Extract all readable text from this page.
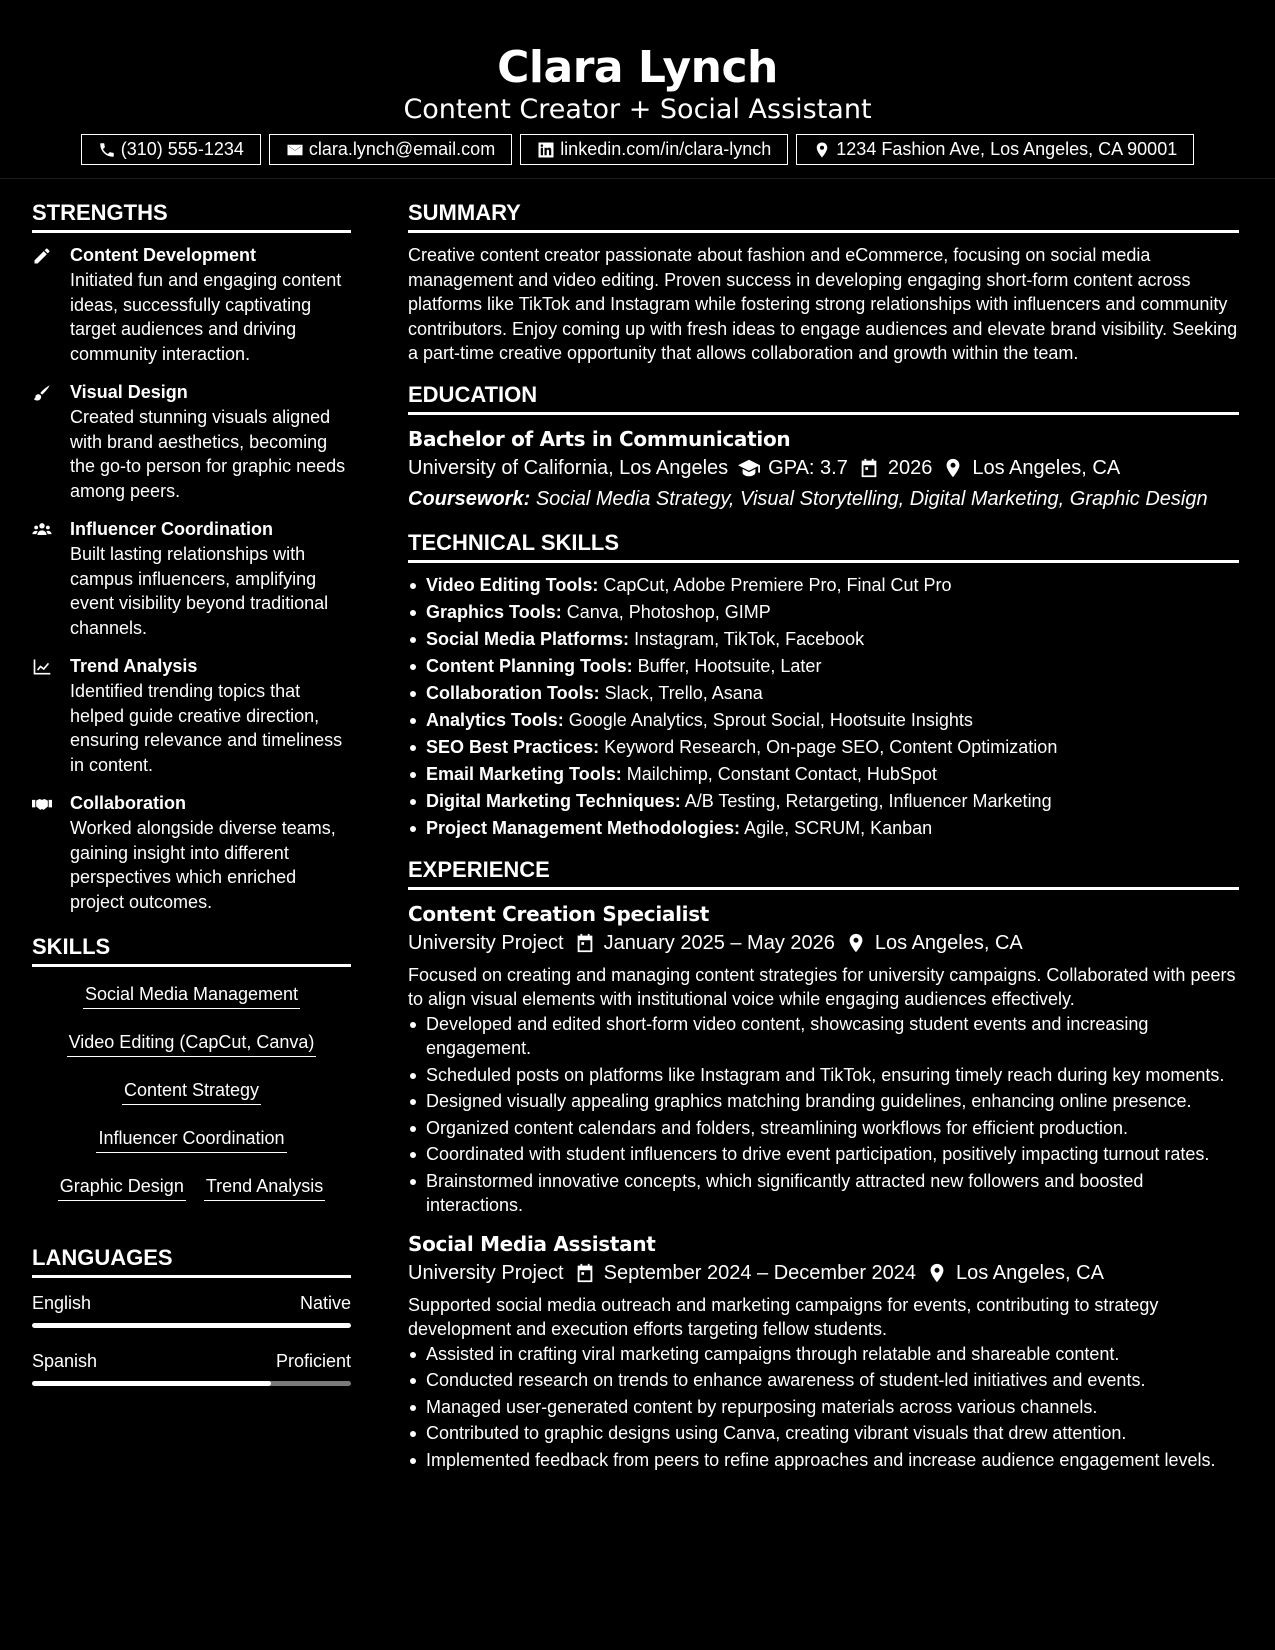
Clara Lynch
Content Creator + Social Assistant
(310) 555-1234	clara.lynch@email.com	linkedin.com/in/clara-lynch	1234 Fashion Ave, Los Angeles, CA 90001
STRENGTHS
Content Development
Initiated fun and engaging content ideas, successfully captivating target audiences and driving community interaction.
Visual Design
Created stunning visuals aligned with brand aesthetics, becoming the go-to person for graphic needs among peers.
Influencer Coordination
Built lasting relationships with campus influencers, amplifying event visibility beyond traditional channels.
Trend Analysis
Identified trending topics that helped guide creative direction, ensuring relevance and timeliness in content.
Collaboration
Worked alongside diverse teams, gaining insight into different perspectives which enriched project outcomes.
SKILLS
Social Media Management
Video Editing (CapCut, Canva)
Content Strategy
Influencer Coordination
Graphic Design Trend Analysis
LANGUAGES
English	Native
Spanish	Proficient
SUMMARY
Creative content creator passionate about fashion and eCommerce, focusing on social media management and video editing. Proven success in developing engaging short-form content across platforms like TikTok and Instagram while fostering strong relationships with influencers and community contributors. Enjoy coming up with fresh ideas to engage audiences and elevate brand visibility. Seeking a part-time creative opportunity that allows collaboration and growth within the team.
EDUCATION
Bachelor of Arts in Communication
University of California, Los Angeles GPA: 3.7 2026 Los Angeles, CA
Coursework: Social Media Strategy, Visual Storytelling, Digital Marketing, Graphic Design
TECHNICAL SKILLS
Video Editing Tools: CapCut, Adobe Premiere Pro, Final Cut Pro
Graphics Tools: Canva, Photoshop, GIMP
Social Media Platforms: Instagram, TikTok, Facebook
Content Planning Tools: Buffer, Hootsuite, Later
Collaboration Tools: Slack, Trello, Asana
Analytics Tools: Google Analytics, Sprout Social, Hootsuite Insights
SEO Best Practices: Keyword Research, On-page SEO, Content Optimization
Email Marketing Tools: Mailchimp, Constant Contact, HubSpot
Digital Marketing Techniques: A/B Testing, Retargeting, Influencer Marketing
Project Management Methodologies: Agile, SCRUM, Kanban
EXPERIENCE
Content Creation Specialist
University Project January 2025 – May 2026 Los Angeles, CA
Focused on creating and managing content strategies for university campaigns. Collaborated with peers to align visual elements with institutional voice while engaging audiences effectively.
Developed and edited short-form video content, showcasing student events and increasing engagement.
Scheduled posts on platforms like Instagram and TikTok, ensuring timely reach during key moments.
Designed visually appealing graphics matching branding guidelines, enhancing online presence.
Organized content calendars and folders, streamlining workflows for efficient production.
Coordinated with student influencers to drive event participation, positively impacting turnout rates.
Brainstormed innovative concepts, which significantly attracted new followers and boosted interactions.
Social Media Assistant
University Project September 2024 – December 2024 Los Angeles, CA
Supported social media outreach and marketing campaigns for events, contributing to strategy development and execution efforts targeting fellow students.
Assisted in crafting viral marketing campaigns through relatable and shareable content.
Conducted research on trends to enhance awareness of student-led initiatives and events.
Managed user-generated content by repurposing materials across various channels.
Contributed to graphic designs using Canva, creating vibrant visuals that drew attention.
Implemented feedback from peers to refine approaches and increase audience engagement levels.
